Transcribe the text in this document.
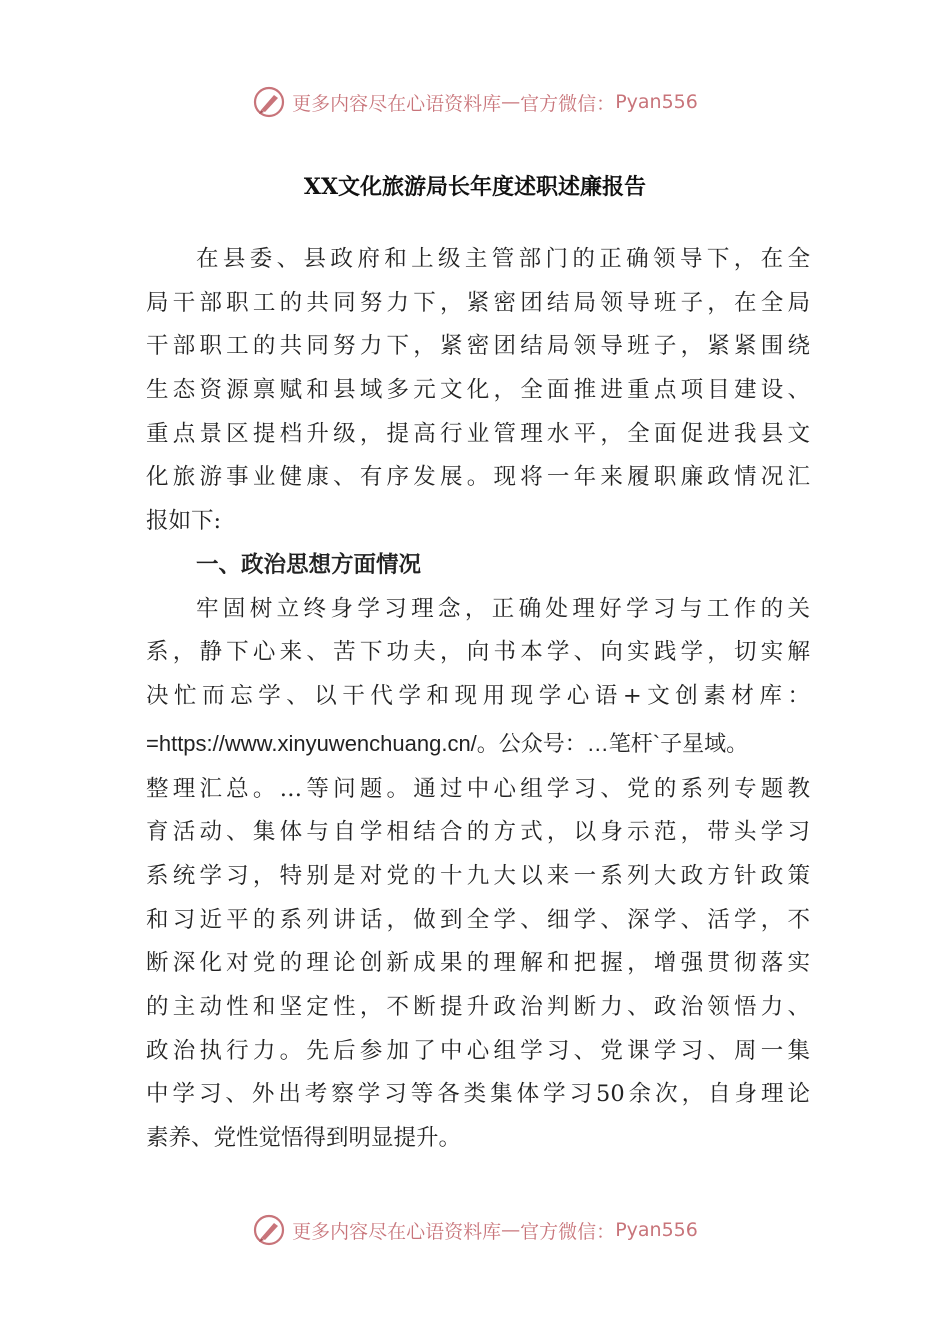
更多内容尽在心语资料库 — 官方微信： Pyan556
XX文化旅游局长年度述职述廉报告
在县委、县政府和上级主管部门的正确领导下，在全
局干部职工的共同努力下，紧密团结局领导班子，在全局
干部职工的共同努力下，紧密团结局领导班子，紧紧围绕
生态资源禀赋和县域多元文化，全面推进重点项目建设、
重点景区提档升级，提高行业管理水平，全面促进我县文
化旅游事业健康、有序发展。现将一年来履职廉政情况汇
报如下:
一、政治思想方面情况
牢固树立终身学习理念，正确处理好学习与工作的关
系，静下心来、苦下功夫，向书本学、向实践学，切实解
决忙而忘学、以干代学和现用现学心语+文创素材库：
=https://www.xinyuwenchuang.cn/。公众号：…笔杆`子星域。
整理汇总。…等问题。通过中心组学习、党的系列专题教
育活动、集体与自学相结合的方式，以身示范，带头学习
系统学习，特别是对党的十九大以来一系列大政方针政策
和习近平的系列讲话，做到全学、细学、深学、活学，不
断深化对党的理论创新成果的理解和把握，增强贯彻落实
的主动性和坚定性，不断提升政治判断力、政治领悟力、
政治执行力。先后参加了中心组学习、党课学习、周一集
中学习、外出考察学习等各类集体学习50余次，自身理论
素养、党性觉悟得到明显提升。
更多内容尽在心语资料库 — 官方微信： Pyan556
